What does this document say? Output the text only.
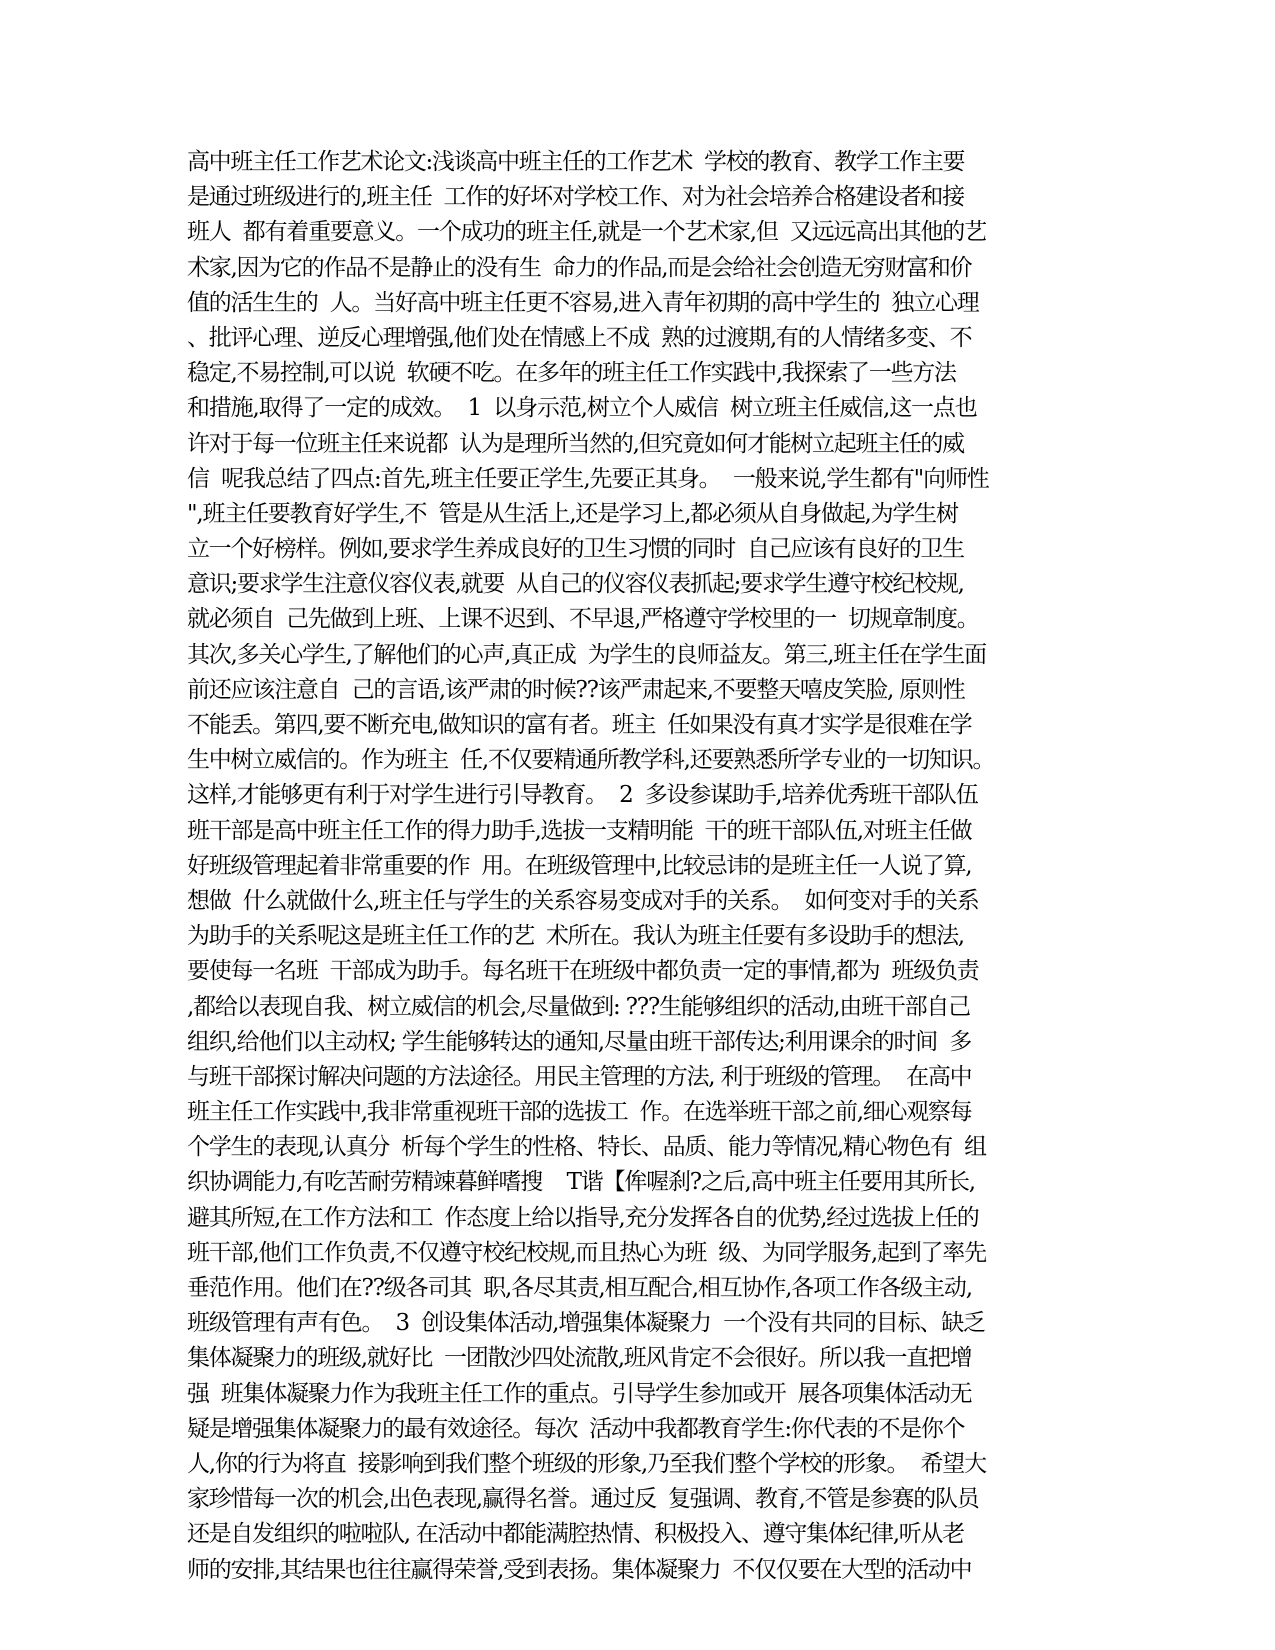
高中班主任工作艺术论文:浅谈高中班主任的工作艺术  学校的教育、教学工作主要
是通过班级进行的,班主任  工作的好坏对学校工作、对为社会培养合格建设者和接
班人  都有着重要意义。一个成功的班主任,就是一个艺术家,但  又远远高出其他的艺
术家,因为它的作品不是静止的没有生  命力的作品,而是会给社会创造无穷财富和价
值的活生生的  人。当好高中班主任更不容易,进入青年初期的高中学生的  独立心理
、批评心理、逆反心理增强,他们处在情感上不成  熟的过渡期,有的人情绪多变、不
稳定,不易控制,可以说  软硬不吃。在多年的班主任工作实践中,我探索了一些方法
和措施,取得了一定的成效。  1  以身示范,树立个人威信  树立班主任威信,这一点也
许对于每一位班主任来说都  认为是理所当然的,但究竟如何才能树立起班主任的威
信  呢我总结了四点:首先,班主任要正学生,先要正其身。  一般来说,学生都有"向师性
",班主任要教育好学生,不  管是从生活上,还是学习上,都必须从自身做起,为学生树
立一个好榜样。例如,要求学生养成良好的卫生习惯的同时  自己应该有良好的卫生
意识;要求学生注意仪容仪表,就要  从自己的仪容仪表抓起;要求学生遵守校纪校规,
就必须自  己先做到上班、上课不迟到、不早退,严格遵守学校里的一  切规章制度。
其次,多关心学生,了解他们的心声,真正成  为学生的良师益友。第三,班主任在学生面
前还应该注意自  己的言语,该严肃的时候??该严肃起来,不要整天嘻皮笑脸, 原则性
不能丢。第四,要不断充电,做知识的富有者。班主  任如果没有真才实学是很难在学
生中树立威信的。作为班主  任,不仅要精通所教学科,还要熟悉所学专业的一切知识。
这样,才能够更有利于对学生进行引导教育。  2  多设参谋助手,培养优秀班干部队伍
班干部是高中班主任工作的得力助手,选拔一支精明能  干的班干部队伍,对班主任做
好班级管理起着非常重要的作  用。在班级管理中,比较忌讳的是班主任一人说了算,
想做  什么就做什么,班主任与学生的关系容易变成对手的关系。  如何变对手的关系
为助手的关系呢这是班主任工作的艺  术所在。我认为班主任要有多设助手的想法,
要使每一名班  干部成为助手。每名班干在班级中都负责一定的事情,都为  班级负责
,都给以表现自我、树立威信的机会,尽量做到: ???生能够组织的活动,由班干部自己
组织,给他们以主动权; 学生能够转达的通知,尽量由班干部传达;利用课余的时间  多
与班干部探讨解决问题的方法途径。用民主管理的方法, 利于班级的管理。  在高中
班主任工作实践中,我非常重视班干部的选拔工  作。在选举班干部之前,细心观察每
个学生的表现,认真分  析每个学生的性格、特长、品质、能力等情况,精心物色有  组
织协调能力,有吃苦耐劳精竦暮鲜嗜搜    T谐【侔喔刹?之后,高中班主任要用其所长,
避其所短,在工作方法和工  作态度上给以指导,充分发挥各自的优势,经过选拔上任的
班干部,他们工作负责,不仅遵守校纪校规,而且热心为班  级、为同学服务,起到了率先
垂范作用。他们在??级各司其  职,各尽其责,相互配合,相互协作,各项工作各级主动,
班级管理有声有色。  3  创设集体活动,增强集体凝聚力  一个没有共同的目标、缺乏
集体凝聚力的班级,就好比  一团散沙四处流散,班风肯定不会很好。所以我一直把增
强  班集体凝聚力作为我班主任工作的重点。引导学生参加或开  展各项集体活动无
疑是增强集体凝聚力的最有效途径。每次  活动中我都教育学生:你代表的不是你个
人,你的行为将直  接影响到我们整个班级的形象,乃至我们整个学校的形象。  希望大
家珍惜每一次的机会,出色表现,赢得名誉。通过反  复强调、教育,不管是参赛的队员
还是自发组织的啦啦队, 在活动中都能满腔热情、积极投入、遵守集体纪律,听从老
师的安排,其结果也往往赢得荣誉,受到表扬。集体凝聚力  不仅仅要在大型的活动中
